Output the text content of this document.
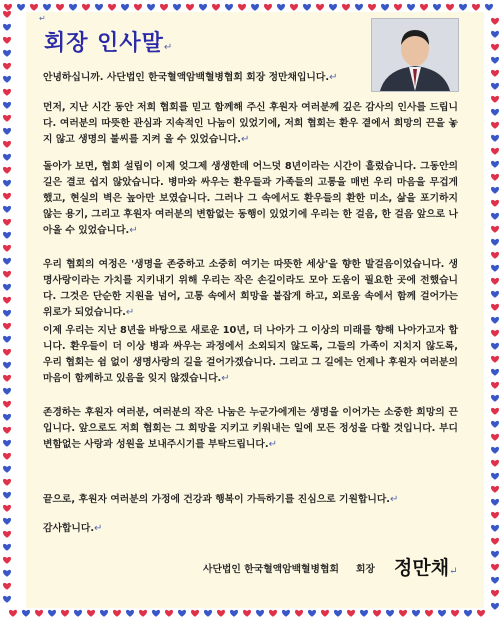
↵
회장 인사말↵
안녕하십니까. 사단법인 한국혈액암백혈병협회 회장 정만채입니다.↵
먼저, 지난 시간 동안 저희 협회를 믿고 함께해 주신 후원자 여러분께 깊은 감사의 인사를 드립니다. 여러분의 따뜻한 관심과 지속적인 나눔이 있었기에, 저희 협회는 환우 곁에서 희망의 끈을 놓지 않고 생명의 불씨를 지켜 올 수 있었습니다.↵
돌아가 보면, 협회 설립이 이제 엊그제 생생한데 어느덧 8년이라는 시간이 흘렀습니다. 그동안의 길은 결코 쉽지 않았습니다. 병마와 싸우는 환우들과 가족들의 고통을 매번 우리 마음을 무겁게 했고, 현실의 벽은 높아만 보였습니다. 그러나 그 속에서도 환우들의 환한 미소, 삶을 포기하지 않는 용기, 그리고 후원자 여러분의 변함없는 동행이 있었기에 우리는 한 걸음, 한 걸음 앞으로 나아올 수 있었습니다.↵
우리 협회의 여정은 '생명을 존중하고 소중히 여기는 따뜻한 세상'을 향한 발걸음이었습니다. 생명사랑이라는 가치를 지키내기 위해 우리는 작은 손길이라도 모아 도움이 필요한 곳에 전했습니다. 그것은 단순한 지원을 넘어, 고통 속에서 희망을 붙잡게 하고, 외로움 속에서 함께 걸어가는 위로가 되었습니다.↵
이제 우리는 지난 8년을 바탕으로 새로운 10년, 더 나아가 그 이상의 미래를 향해 나아가고자 합니다. 환우들이 더 이상 병과 싸우는 과정에서 소외되지 않도록, 그들의 가족이 지치지 않도록, 우리 협회는 쉼 없이 생명사랑의 길을 걸어가겠습니다. 그리고 그 길에는 언제나 후원자 여러분의 마음이 함께하고 있음을 잊지 않겠습니다.↵
존경하는 후원자 여러분, 여러분의 작은 나눔은 누군가에게는 생명을 이어가는 소중한 희망의 끈입니다. 앞으로도 저희 협회는 그 희망을 지키고 키워내는 일에 모든 정성을 다할 것입니다. 부디 변함없는 사랑과 성원을 보내주시기를 부탁드립니다.↵
끝으로, 후원자 여러분의 가정에 건강과 행복이 가득하기를 진심으로 기원합니다.↵
감사합니다.↵
사단법인 한국혈액암백혈병협회 회장 정만채↵
